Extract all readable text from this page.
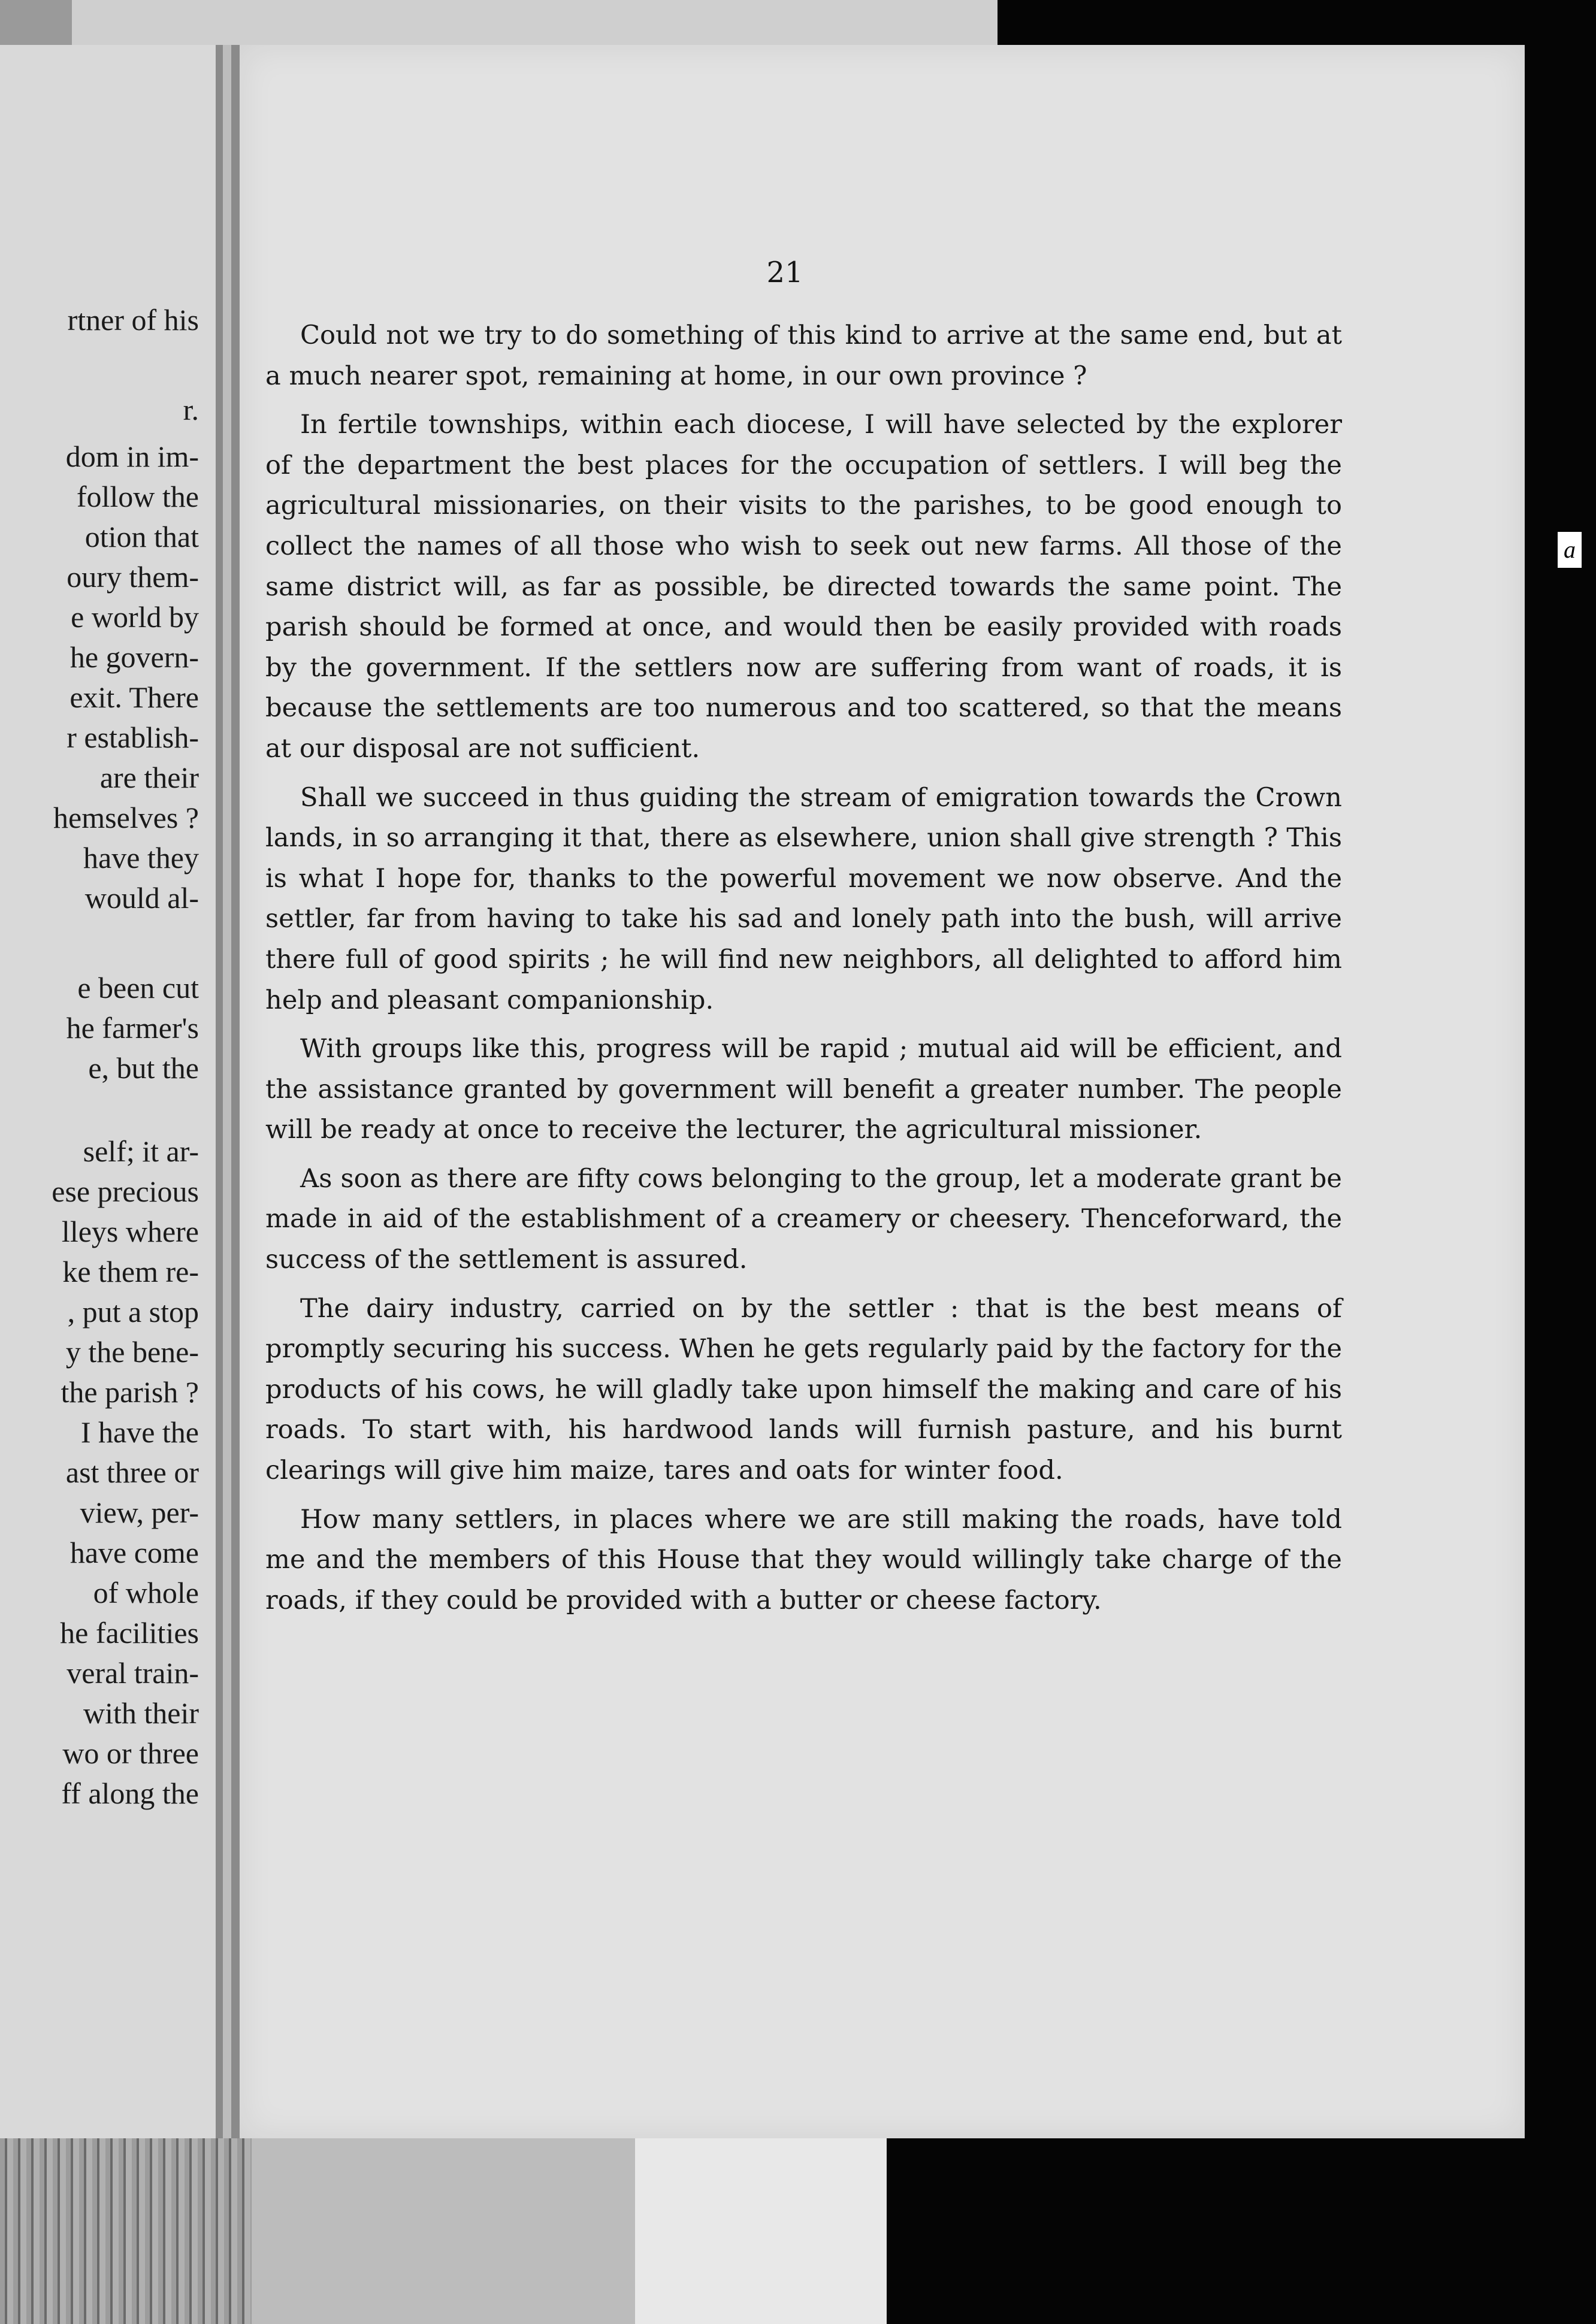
rtner of his
r.
dom in im-
follow the
otion that
oury them-
e world by
he govern-
exit. There
r establish-
are their
hemselves ?
have they
would al-
e been cut
he farmer's
e, but the
self; it ar-
ese precious
lleys where
ke them re-
, put a stop
y the bene-
the parish ?
I have the
ast three or
view, per-
have come
of whole
he facilities
veral train-
with their
wo or three
ff along the
21

Could not we try to do something of this kind to arrive at the same end, but at a much nearer spot, remaining at home, in our own province ?

In fertile townships, within each diocese, I will have selected by the explorer of the department the best places for the occupation of settlers. I will beg the agricultural missionaries, on their visits to the parishes, to be good enough to collect the names of all those who wish to seek out new farms. All those of the same district will, as far as possible, be directed towards the same point. The parish should be formed at once, and would then be easily provided with roads by the government. If the settlers now are suffering from want of roads, it is because the settlements are too numerous and too scattered, so that the means at our disposal are not sufficient.

Shall we succeed in thus guiding the stream of emigration towards the Crown lands, in so arranging it that, there as elsewhere, union shall give strength ? This is what I hope for, thanks to the powerful movement we now observe. And the settler, far from having to take his sad and lonely path into the bush, will arrive there full of good spirits ; he will find new neighbors, all delighted to afford him help and pleasant companionship.

With groups like this, progress will be rapid ; mutual aid will be efficient, and the assistance granted by government will benefit a greater number. The people will be ready at once to receive the lecturer, the agricultural missioner.

As soon as there are fifty cows belonging to the group, let a moderate grant be made in aid of the establishment of a creamery or cheesery. Thenceforward, the success of the settlement is assured.

The dairy industry, carried on by the settler : that is the best means of promptly securing his success. When he gets regularly paid by the factory for the products of his cows, he will gladly take upon himself the making and care of his roads. To start with, his hardwood lands will furnish pasture, and his burnt clearings will give him maize, tares and oats for winter food.

How many settlers, in places where we are still making the roads, have told me and the members of this House that they would willingly take charge of the roads, if they could be provided with a butter or cheese factory.

a
